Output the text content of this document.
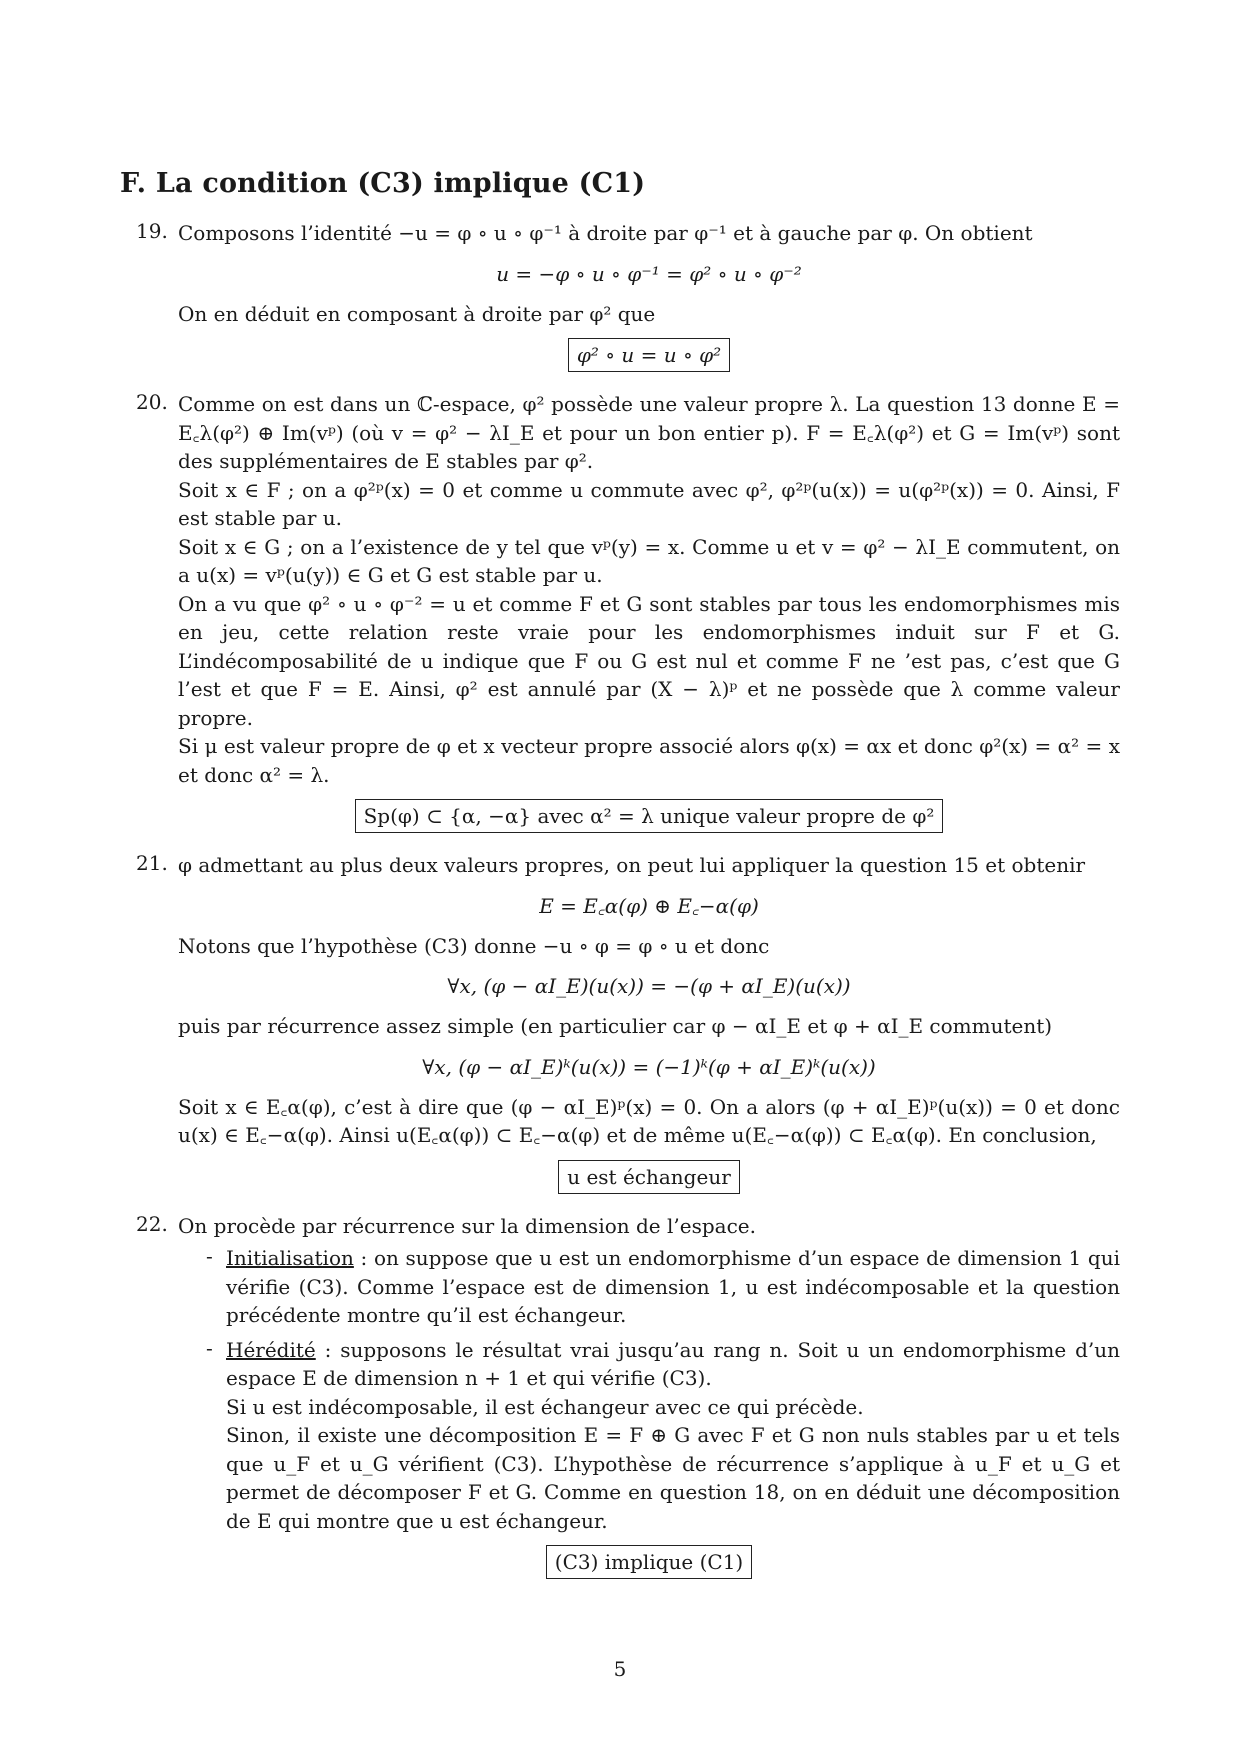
F. La condition (C3) implique (C1)
19. Composons l’identité −u = φ ∘ u ∘ φ⁻¹ à droite par φ⁻¹ et à gauche par φ. On obtient

u = −φ ∘ u ∘ φ⁻¹ = φ² ∘ u ∘ φ⁻²

On en déduit en composant à droite par φ² que

φ² ∘ u = u ∘ φ²
20. Comme on est dans un ℂ-espace, φ² possède une valeur propre λ. La question 13 donne E = E꜀λ(φ²) ⊕ Im(vᵖ) (où v = φ² − λI_E et pour un bon entier p). F = E꜀λ(φ²) et G = Im(vᵖ) sont des supplémentaires de E stables par φ².

Soit x ∈ F ; on a φ²ᵖ(x) = 0 et comme u commute avec φ², φ²ᵖ(u(x)) = u(φ²ᵖ(x)) = 0. Ainsi, F est stable par u.

Soit x ∈ G ; on a l’existence de y tel que vᵖ(y) = x. Comme u et v = φ² − λI_E commutent, on a u(x) = vᵖ(u(y)) ∈ G et G est stable par u.

On a vu que φ² ∘ u ∘ φ⁻² = u et comme F et G sont stables par tous les endomorphismes mis en jeu, cette relation reste vraie pour les endomorphismes induit sur F et G. L’indécomposabilité de u indique que F ou G est nul et comme F ne ’est pas, c’est que G l’est et que F = E. Ainsi, φ² est annulé par (X − λ)ᵖ et ne possède que λ comme valeur propre.

Si μ est valeur propre de φ et x vecteur propre associé alors φ(x) = αx et donc φ²(x) = α² = x et donc α² = λ.

Sp(φ) ⊂ {α, −α} avec α² = λ unique valeur propre de φ²
21. φ admettant au plus deux valeurs propres, on peut lui appliquer la question 15 et obtenir

E = E꜀α(φ) ⊕ E꜀−α(φ)

Notons que l’hypothèse (C3) donne −u ∘ φ = φ ∘ u et donc

∀x, (φ − αI_E)(u(x)) = −(φ + αI_E)(u(x))

puis par récurrence assez simple (en particulier car φ − αI_E et φ + αI_E commutent)

∀x, (φ − αI_E)ᵏ(u(x)) = (−1)ᵏ(φ + αI_E)ᵏ(u(x))

Soit x ∈ E꜀α(φ), c’est à dire que (φ − αI_E)ᵖ(x) = 0. On a alors (φ + αI_E)ᵖ(u(x)) = 0 et donc u(x) ∈ E꜀−α(φ). Ainsi u(E꜀α(φ)) ⊂ E꜀−α(φ) et de même u(E꜀−α(φ)) ⊂ E꜀α(φ). En conclusion,

u est échangeur
22. On procède par récurrence sur la dimension de l’espace.

- Initialisation : on suppose que u est un endomorphisme d’un espace de dimension 1 qui vérifie (C3). Comme l’espace est de dimension 1, u est indécomposable et la question précédente montre qu’il est échangeur.

- Hérédité : supposons le résultat vrai jusqu’au rang n. Soit u un endomorphisme d’un espace E de dimension n + 1 et qui vérifie (C3).

Si u est indécomposable, il est échangeur avec ce qui précède.

Sinon, il existe une décomposition E = F ⊕ G avec F et G non nuls stables par u et tels que u_F et u_G vérifient (C3). L’hypothèse de récurrence s’applique à u_F et u_G et permet de décomposer F et G. Comme en question 18, on en déduit une décomposition de E qui montre que u est échangeur.

(C3) implique (C1)
5
